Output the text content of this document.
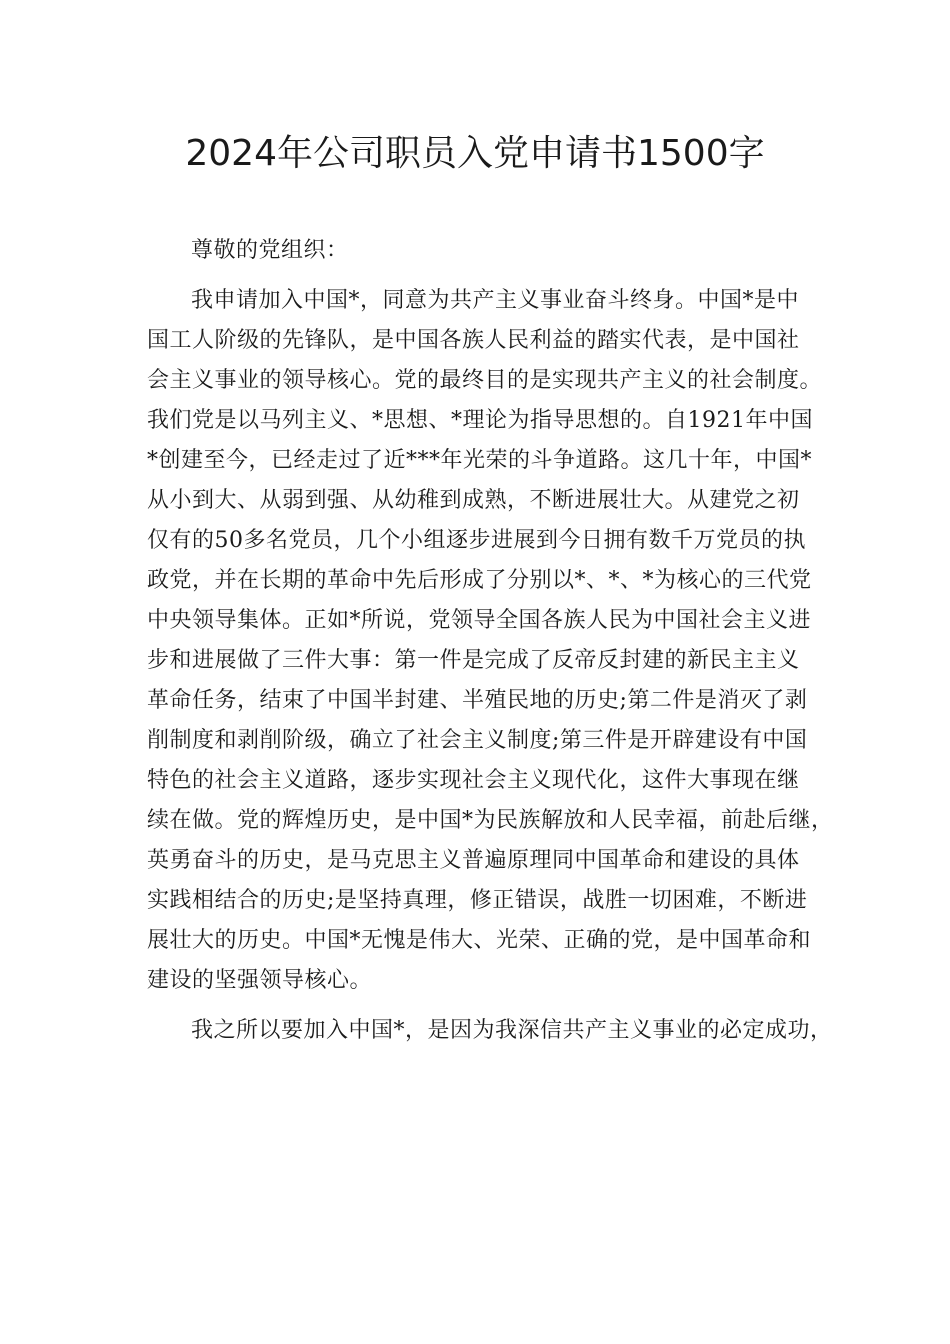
2024年公司职员入党申请书1500字
尊敬的党组织：
我申请加入中国*，同意为共产主义事业奋斗终身。中国*是中
国工人阶级的先锋队，是中国各族人民利益的踏实代表，是中国社
会主义事业的领导核心。党的最终目的是实现共产主义的社会制度。
我们党是以马列主义、*思想、*理论为指导思想的。自1921年中国
*创建至今，已经走过了近***年光荣的斗争道路。这几十年，中国*
从小到大、从弱到强、从幼稚到成熟，不断进展壮大。从建党之初
仅有的50多名党员，几个小组逐步进展到今日拥有数千万党员的执
政党，并在长期的革命中先后形成了分别以*、*、*为核心的三代党
中央领导集体。正如*所说，党领导全国各族人民为中国社会主义进
步和进展做了三件大事：第一件是完成了反帝反封建的新民主主义
革命任务，结束了中国半封建、半殖民地的历史;第二件是消灭了剥
削制度和剥削阶级，确立了社会主义制度;第三件是开辟建设有中国
特色的社会主义道路，逐步实现社会主义现代化，这件大事现在继
续在做。党的辉煌历史，是中国*为民族解放和人民幸福，前赴后继，
英勇奋斗的历史，是马克思主义普遍原理同中国革命和建设的具体
实践相结合的历史;是坚持真理，修正错误，战胜一切困难，不断进
展壮大的历史。中国*无愧是伟大、光荣、正确的党，是中国革命和
建设的坚强领导核心。
我之所以要加入中国*，是因为我深信共产主义事业的必定成功，
